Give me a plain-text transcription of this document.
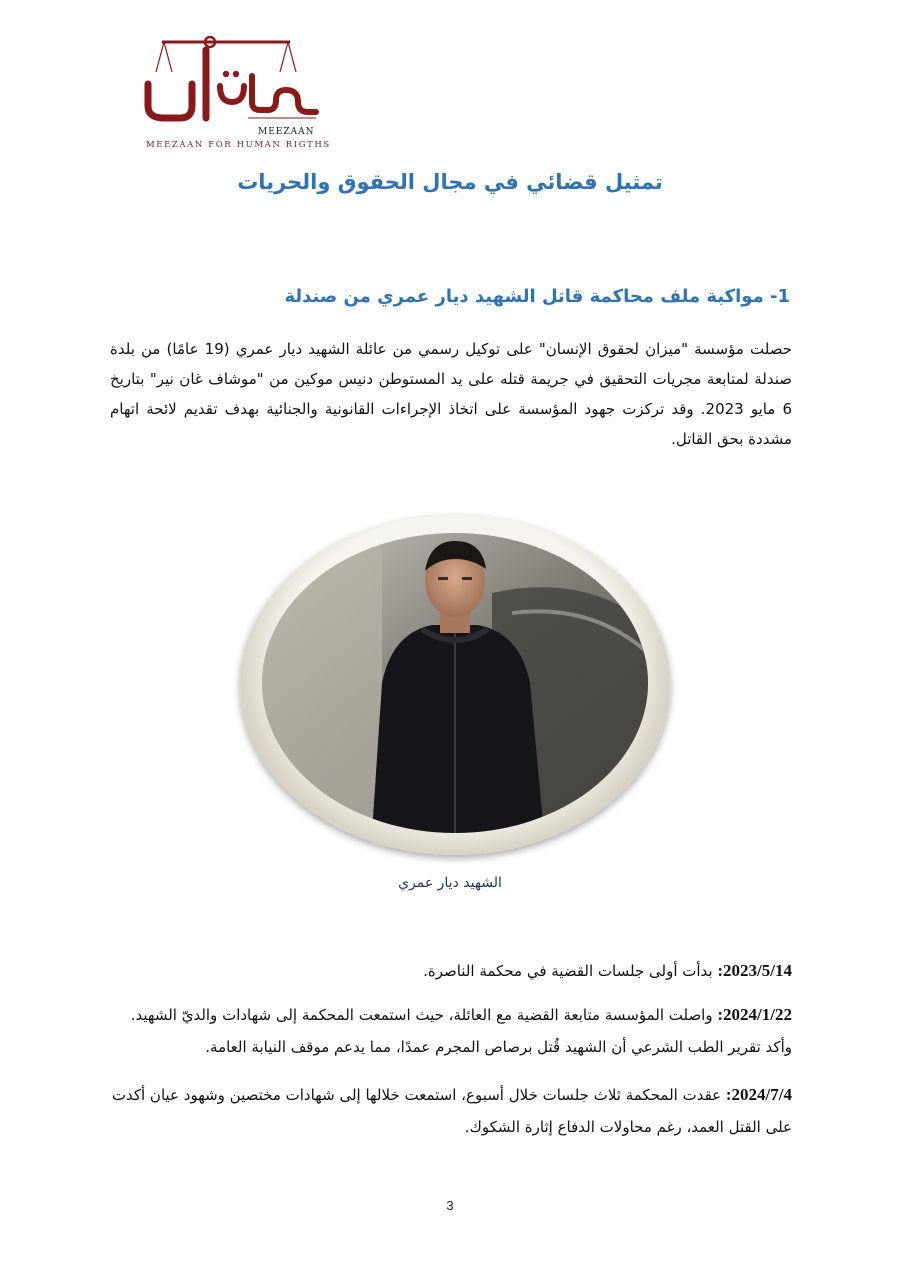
MEEZAAN
MEEZAAN FOR HUMAN RIGTHS
تمثيل قضائي في مجال الحقوق والحريات
1- مواكبة ملف محاكمة قاتل الشهيد ديار عمري من صندلة
حصلت مؤسسة "ميزان لحقوق الإنسان" على توكيل رسمي من عائلة الشهيد ديار عمري (19 عامًا) من بلدة صندلة لمتابعة مجريات التحقيق في جريمة قتله على يد المستوطن دنيس موكين من "موشاف غان نير" بتاريخ 6 مايو 2023. وقد تركزت جهود المؤسسة على اتخاذ الإجراءات القانونية والجنائية بهدف تقديم لائحة اتهام مشددة بحق القاتل.
الشهيد ديار عمري
2023/5/14: بدأت أولى جلسات القضية في محكمة الناصرة.
2024/1/22: واصلت المؤسسة متابعة القضية مع العائلة، حيث استمعت المحكمة إلى شهادات والديّ الشهيد. وأكد تقرير الطب الشرعي أن الشهيد قُتل برصاص المجرم عمدًا، مما يدعم موقف النيابة العامة.
2024/7/4: عقدت المحكمة ثلاث جلسات خلال أسبوع، استمعت خلالها إلى شهادات مختصين وشهود عيان أكدت على القتل العمد، رغم محاولات الدفاع إثارة الشكوك.
3
